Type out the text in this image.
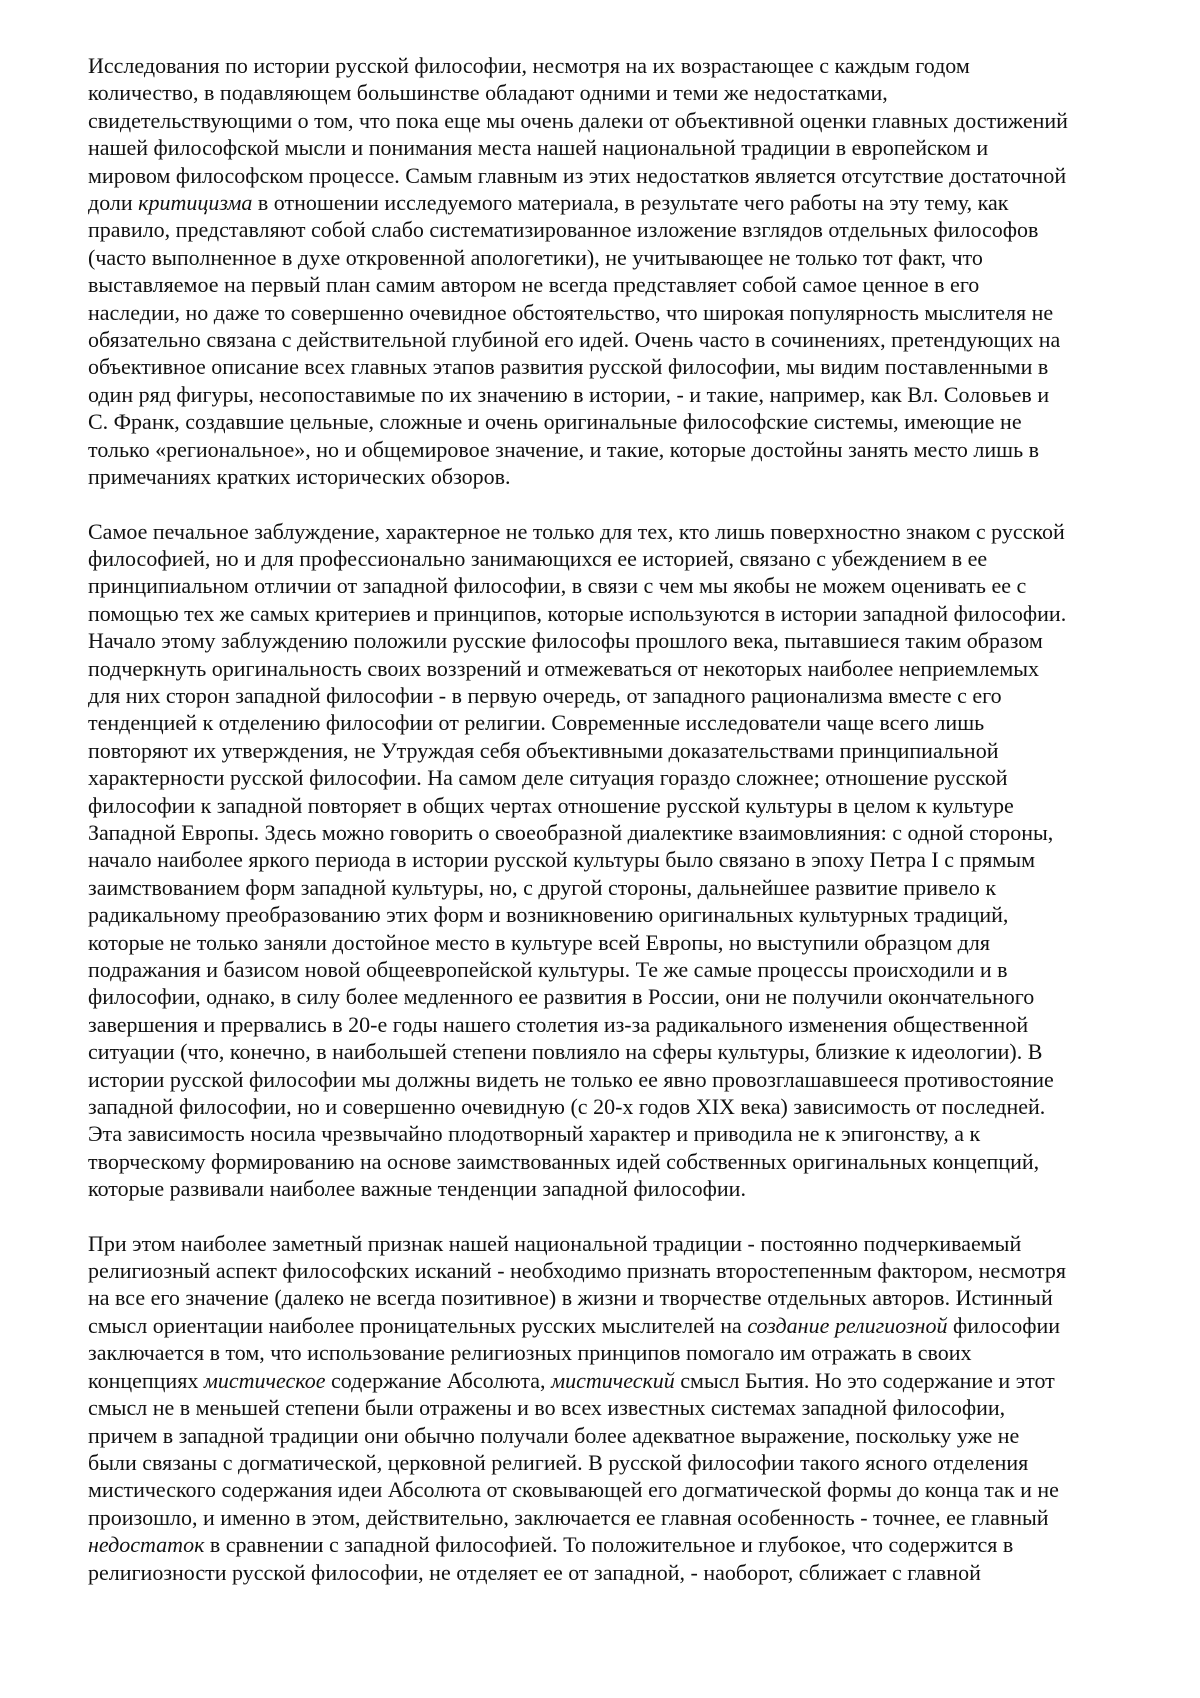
Исследования по истории русской философии, несмотря на их возрастающее с каждым годом
количество, в подавляющем большинстве обладают одними и теми же недостатками,
свидетельствующими о том, что пока еще мы очень далеки от объективной оценки главных достижений
нашей философской мысли и понимания места нашей национальной традиции в европейском и
мировом философском процессе. Самым главным из этих недостатков является отсутствие достаточной
доли критицизма в отношении исследуемого материала, в результате чего работы на эту тему, как
правило, представляют собой слабо систематизированное изложение взглядов отдельных философов
(часто выполненное в духе откровенной апологетики), не учитывающее не только тот факт, что
выставляемое на первый план самим автором не всегда представляет собой самое ценное в его
наследии, но даже то совершенно очевидное обстоятельство, что широкая популярность мыслителя не
обязательно связана с действительной глубиной его идей. Очень часто в сочинениях, претендующих на
объективное описание всех главных этапов развития русской философии, мы видим поставленными в
один ряд фигуры, несопоставимые по их значению в истории, - и такие, например, как Вл. Соловьев и
С. Франк, создавшие цельные, сложные и очень оригинальные философские системы, имеющие не
только «региональное», но и общемировое значение, и такие, которые достойны занять место лишь в
примечаниях кратких исторических обзоров.

Самое печальное заблуждение, характерное не только для тех, кто лишь поверхностно знаком с русской
философией, но и для профессионально занимающихся ее историей, связано с убеждением в ее
принципиальном отличии от западной философии, в связи с чем мы якобы не можем оценивать ее с
помощью тех же самых критериев и принципов, которые используются в истории западной философии.
Начало этому заблуждению положили русские философы прошлого века, пытавшиеся таким образом
подчеркнуть оригинальность своих воззрений и отмежеваться от некоторых наиболее неприемлемых
для них сторон западной философии - в первую очередь, от западного рационализма вместе с его
тенденцией к отделению философии от религии. Современные исследователи чаще всего лишь
повторяют их утверждения, не Утруждая себя объективными доказательствами принципиальной
характерности русской философии. На самом деле ситуация гораздо сложнее; отношение русской
философии к западной повторяет в общих чертах отношение русской культуры в целом к культуре
Западной Европы. Здесь можно говорить о своеобразной диалектике взаимовлияния: с одной стороны,
начало наиболее яркого периода в истории русской культуры было связано в эпоху Петра I с прямым
заимствованием форм западной культуры, но, с другой стороны, дальнейшее развитие привело к
радикальному преобразованию этих форм и возникновению оригинальных культурных традиций,
которые не только заняли достойное место в культуре всей Европы, но выступили образцом для
подражания и базисом новой общеевропейской культуры. Те же самые процессы происходили и в
философии, однако, в силу более медленного ее развития в России, они не получили окончательного
завершения и прервались в 20-е годы нашего столетия из-за радикального изменения общественной
ситуации (что, конечно, в наибольшей степени повлияло на сферы культуры, близкие к идеологии). В
истории русской философии мы должны видеть не только ее явно провозглашавшееся противостояние
западной философии, но и совершенно очевидную (с 20-х годов XIX века) зависимость от последней.
Эта зависимость носила чрезвычайно плодотворный характер и приводила не к эпигонству, а к
творческому формированию на основе заимствованных идей собственных оригинальных концепций,
которые развивали наиболее важные тенденции западной философии.

При этом наиболее заметный признак нашей национальной традиции - постоянно подчеркиваемый
религиозный аспект философских исканий - необходимо признать второстепенным фактором, несмотря
на все его значение (далеко не всегда позитивное) в жизни и творчестве отдельных авторов. Истинный
смысл ориентации наиболее проницательных русских мыслителей на создание религиозной философии
заключается в том, что использование религиозных принципов помогало им отражать в своих
концепциях мистическое содержание Абсолюта, мистический смысл Бытия. Но это содержание и этот
смысл не в меньшей степени были отражены и во всех известных системах западной философии,
причем в западной традиции они обычно получали более адекватное выражение, поскольку уже не
были связаны с догматической, церковной религией. В русской философии такого ясного отделения
мистического содержания идеи Абсолюта от сковывающей его догматической формы до конца так и не
произошло, и именно в этом, действительно, заключается ее главная особенность - точнее, ее главный
недостаток в сравнении с западной философией. То положительное и глубокое, что содержится в
религиозности русской философии, не отделяет ее от западной, - наоборот, сближает с главной
